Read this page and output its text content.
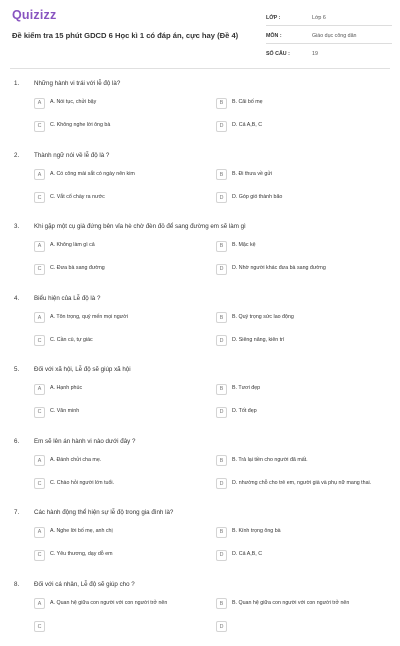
Quizizz
Đề kiểm tra 15 phút GDCD 6 Học kì 1 có đáp án, cực hay (Đề 4)
LỚP :	Lớp 6
MÔN :	Giáo dục công dân
SỐ CÂU :	19
1. Những hành vi trái với lễ độ là?
A	A. Nói tục, chửi bậy	B	B. Cãi bố mẹ
C	C. Không nghe lời ông bà	D	D. Cả A,B, C
2. Thành ngữ nói về lễ độ là ?
A	A. Có công mài sắt có ngày nên kim	B	B. Đi thưa về gửi
C	C. Vắt cổ chày ra nước	D	D. Góp gió thành bão
3. Khi gặp một cụ già đứng bên vỉa hè chờ đèn đỏ để sang đường em sẽ làm gì
A	A. Không làm gì cả	B	B. Mặc kệ
C	C. Đưa bà sang đường	D	D. Nhờ người khác đưa bà sang đường
4. Biểu hiện của Lễ độ là ?
A	A. Tôn trọng, quý mến mọi người	B	B. Quý trọng sức lao động
C	C. Cần cù, tự giác	D	D. Siêng năng, kiên trì
5. Đối với xã hội, Lễ độ sẽ giúp xã hội
A	A. Hạnh phúc	B	B. Tươi đẹp
C	C. Văn minh	D	D. Tốt đẹp
6. Em sẽ lên án hành vi nào dưới đây ?
A	A. Đánh chửi cha mẹ.	B	B. Trả lại tiền cho người đã mất.
C	C. Chào hỏi người lớn tuổi.	D	D. nhường chỗ cho trẻ em, người già và phụ nữ mang thai.
7. Các hành động thể hiện sự lễ độ trong gia đình là?
A	A. Nghe lời bố mẹ, anh chị	B	B. Kính trọng ông bà
C	C. Yêu thương, dạy dỗ em	D	D. Cả A,B, C
8. Đối với cá nhân, Lễ độ sẽ giúp cho ?
A	A. Quan hệ giữa con người với con người trở nên	B	B. Quan hệ giữa con người với con người trở nên
C	D
